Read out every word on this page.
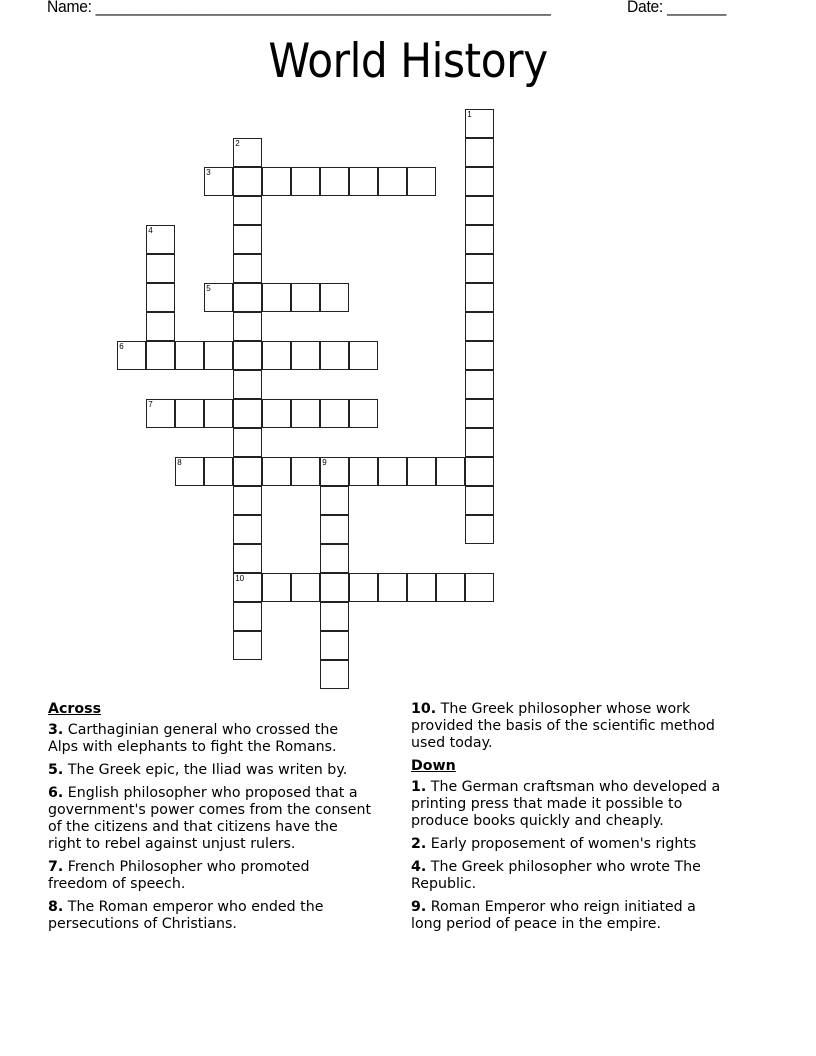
Name: ______________________________________________________	Date: _______
World History
1
2
10
3
4
5
6
7
8	9
Across
3. Carthaginian general who crossed the
Alps with elephants to fight the Romans.
5. The Greek epic, the Iliad was writen by.
6. English philosopher who proposed that a
government's power comes from the consent
of the citizens and that citizens have the
right to rebel against unjust rulers.
7. French Philosopher who promoted
freedom of speech.
8. The Roman emperor who ended the
persecutions of Christians.
10. The Greek philosopher whose work
provided the basis of the scientific method
used today.
Down
1. The German craftsman who developed a
printing press that made it possible to
produce books quickly and cheaply.
2. Early proposement of women's rights
4. The Greek philosopher who wrote The
Republic.
9. Roman Emperor who reign initiated a
long period of peace in the empire.
